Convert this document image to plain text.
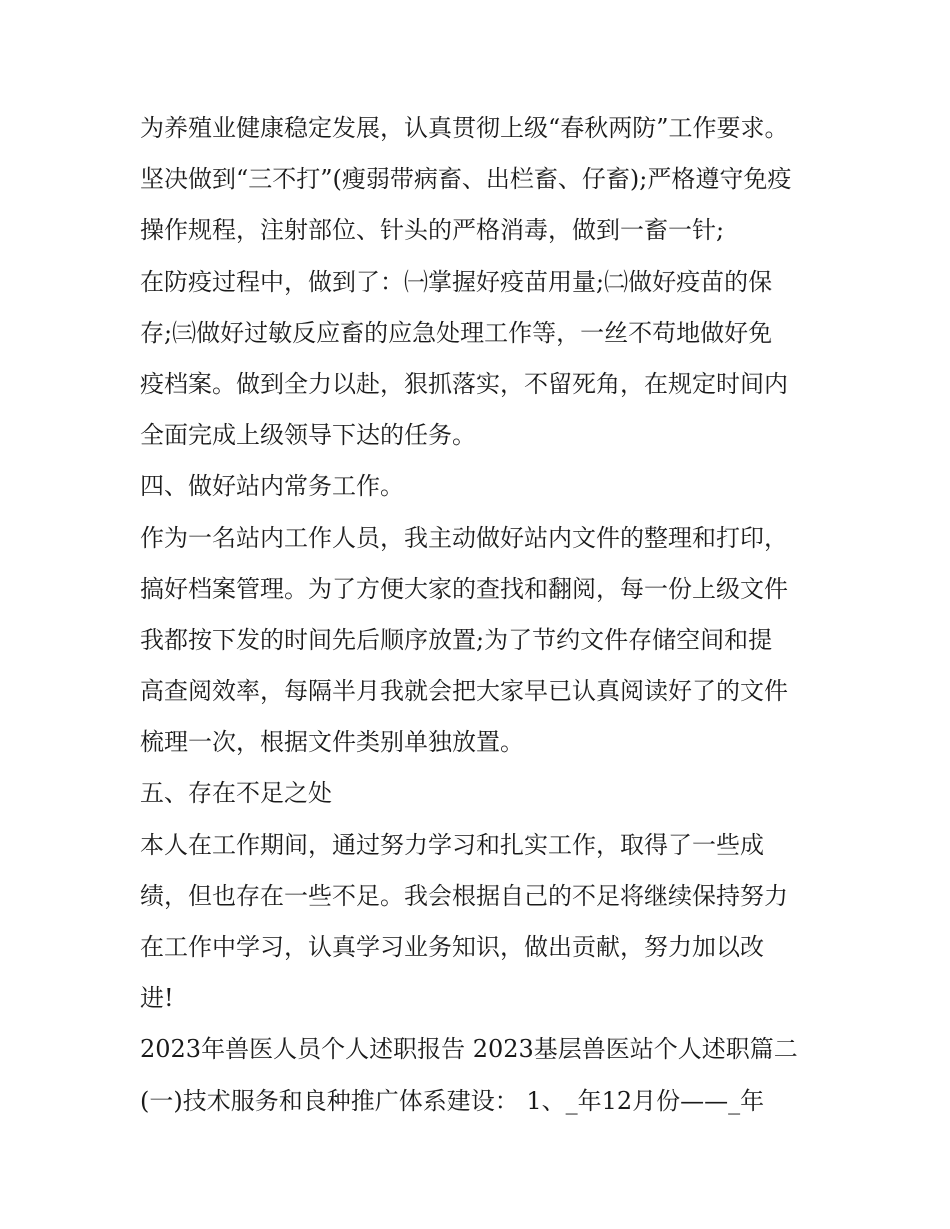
为养殖业健康稳定发展，认真贯彻上级“春秋两防”工作要求。
坚决做到“三不打”(瘦弱带病畜、出栏畜、仔畜);严格遵守免疫
操作规程，注射部位、针头的严格消毒，做到一畜一针;
在防疫过程中，做到了：㈠掌握好疫苗用量;㈡做好疫苗的保
存;㈢做好过敏反应畜的应急处理工作等，一丝不苟地做好免
疫档案。做到全力以赴，狠抓落实，不留死角，在规定时间内
全面完成上级领导下达的任务。
四、做好站内常务工作。
作为一名站内工作人员，我主动做好站内文件的整理和打印，
搞好档案管理。为了方便大家的查找和翻阅，每一份上级文件
我都按下发的时间先后顺序放置;为了节约文件存储空间和提
高查阅效率，每隔半月我就会把大家早已认真阅读好了的文件
梳理一次，根据文件类别单独放置。
五、存在不足之处
本人在工作期间，通过努力学习和扎实工作，取得了一些成
绩，但也存在一些不足。我会根据自己的不足将继续保持努力
在工作中学习，认真学习业务知识，做出贡献，努力加以改
进!
2023年兽医人员个人述职报告 2023基层兽医站个人述职篇二
(一)技术服务和良种推广体系建设： 1、_年12月份——_年
